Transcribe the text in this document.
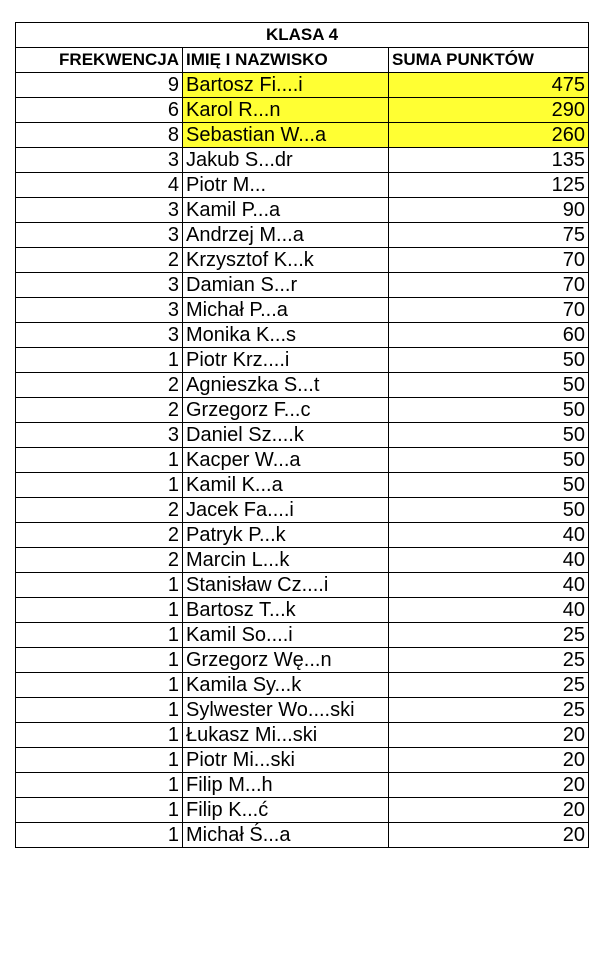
KLASA 4		
FREKWENCJA	IMIĘ I NAZWISKO	SUMA PUNKTÓW
9	Bartosz Fi....i	475
6	Karol R...n	290
8	Sebastian W...a	260
3	Jakub S...dr	135
4	Piotr M...	125
3	Kamil P...a	90
3	Andrzej M...a	75
2	Krzysztof K...k	70
3	Damian S...r	70
3	Michał P...a	70
3	Monika K...s	60
1	Piotr Krz....i	50
2	Agnieszka S...t	50
2	Grzegorz F...c	50
3	Daniel Sz....k	50
1	Kacper W...a	50
1	Kamil K...a	50
2	Jacek Fa....i	50
2	Patryk P...k	40
2	Marcin L...k	40
1	Stanisław Cz....i	40
1	Bartosz T...k	40
1	Kamil So....i	25
1	Grzegorz Wę...n	25
1	Kamila Sy...k	25
1	Sylwester Wo....ski	25
1	Łukasz Mi...ski	20
1	Piotr Mi...ski	20
1	Filip M...h	20
1	Filip K...ć	20
1	Michał Ś...a	20
